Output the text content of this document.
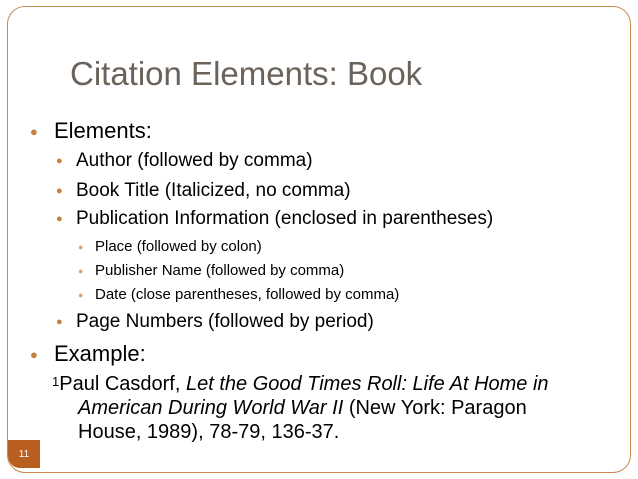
Citation Elements: Book
● Elements:
● Author (followed by comma)
● Book Title (Italicized, no comma)
● Publication Information (enclosed in parentheses)
● Place (followed by colon)
● Publisher Name (followed by comma)
● Date (close parentheses, followed by comma)
● Page Numbers (followed by period)
● Example:
$^1$Paul Casdorf, Let the Good Times Roll: Life At Home in
American During World War II (New York: Paragon
House, 1989), 78-79, 136-37.
11
